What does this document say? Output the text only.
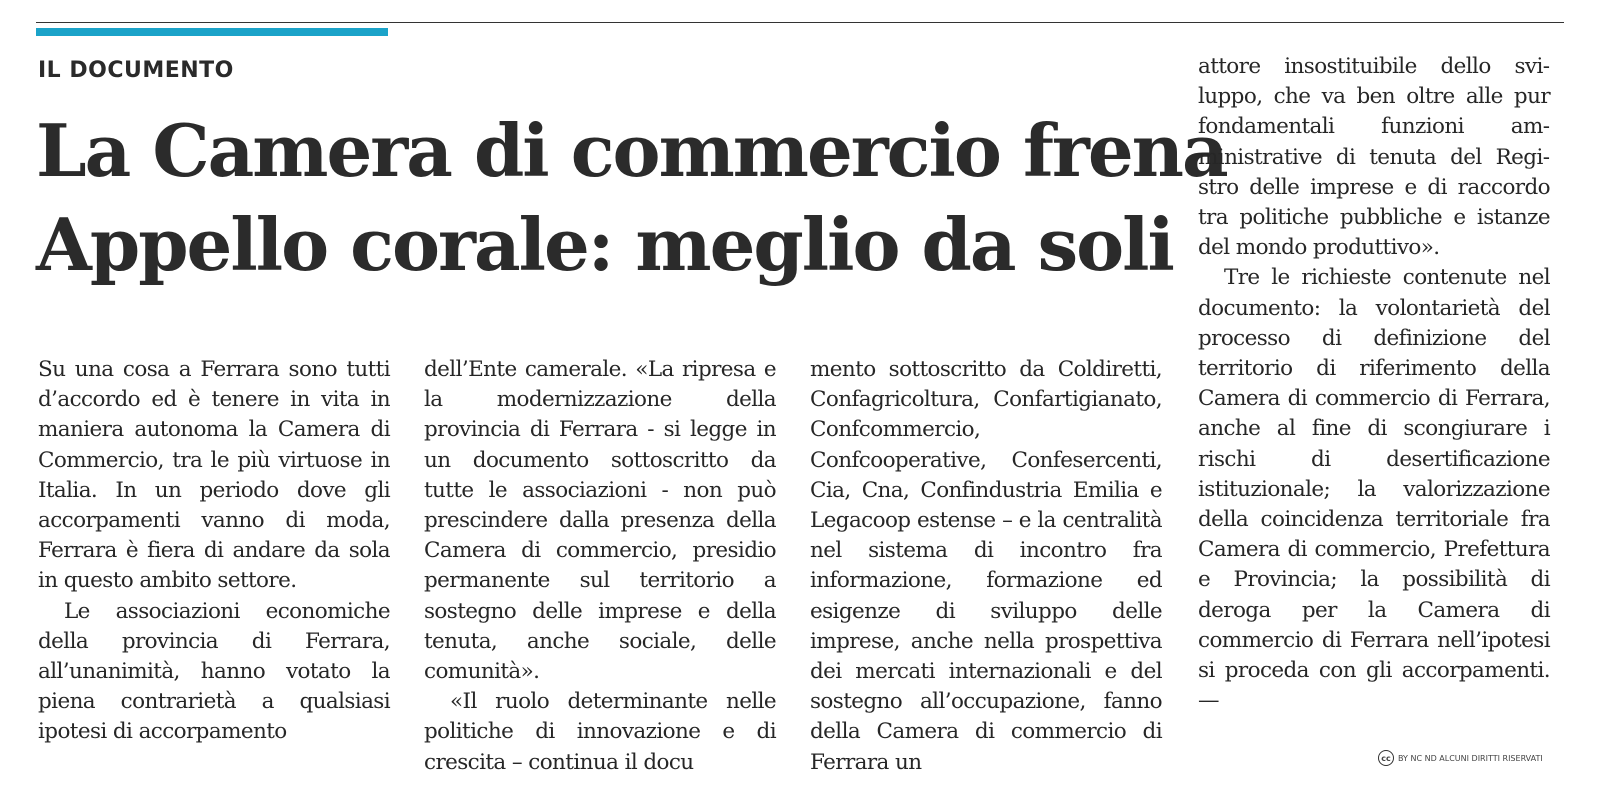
IL DOCUMENTO
La Camera di commercio frena
Appello corale: meglio da soli

Su una cosa a Ferrara sono tutti d’accordo ed è tenere in vita in maniera autonoma la Camera di Commercio, tra le più virtuose in Italia. In un periodo dove gli accorpamenti vanno di moda, Ferrara è fiera di andare da sola in questo ambito settore.

Le associazioni economiche della provincia di Ferrara, all’unanimità, hanno votato la piena contrarietà a qualsiasi ipotesi di accorpamento

dell’Ente camerale. «La ripresa e la modernizzazione della provincia di Ferrara - si legge in un documento sottoscritto da tutte le associazioni - non può prescindere dalla presenza della Camera di commercio, presidio permanente sul territorio a sostegno delle imprese e della tenuta, anche sociale, delle comunità».

«Il ruolo determinante nelle politiche di innovazione e di crescita – continua il docu

mento sottoscritto da Coldiretti, Confagricoltura, Confartigianato, Confcommercio, Confcooperative, Confesercenti, Cia, Cna, Confindustria Emilia e Legacoop estense – e la centralità nel sistema di incontro fra informazione, formazione ed esigenze di sviluppo delle imprese, anche nella prospettiva dei mercati internazionali e del sostegno all’occupazione, fanno della Camera di commercio di Ferrara un

attore insostituibile dello sviluppo, che va ben oltre alle pur fondamentali funzioni amministrative di tenuta del Registro delle imprese e di raccordo tra politiche pubbliche e istanze del mondo produttivo».

Tre le richieste contenute nel documento: la volontarietà del processo di definizione del territorio di riferimento della Camera di commercio di Ferrara, anche al fine di scongiurare i rischi di desertificazione istituzionale; la valorizzazione della coincidenza territoriale fra Camera di commercio, Prefettura e Provincia; la possibilità di deroga per la Camera di commercio di Ferrara nell’ipotesi si proceda con gli accorpamenti. —

cc BY NC ND ALCUNI DIRITTI RISERVATI
